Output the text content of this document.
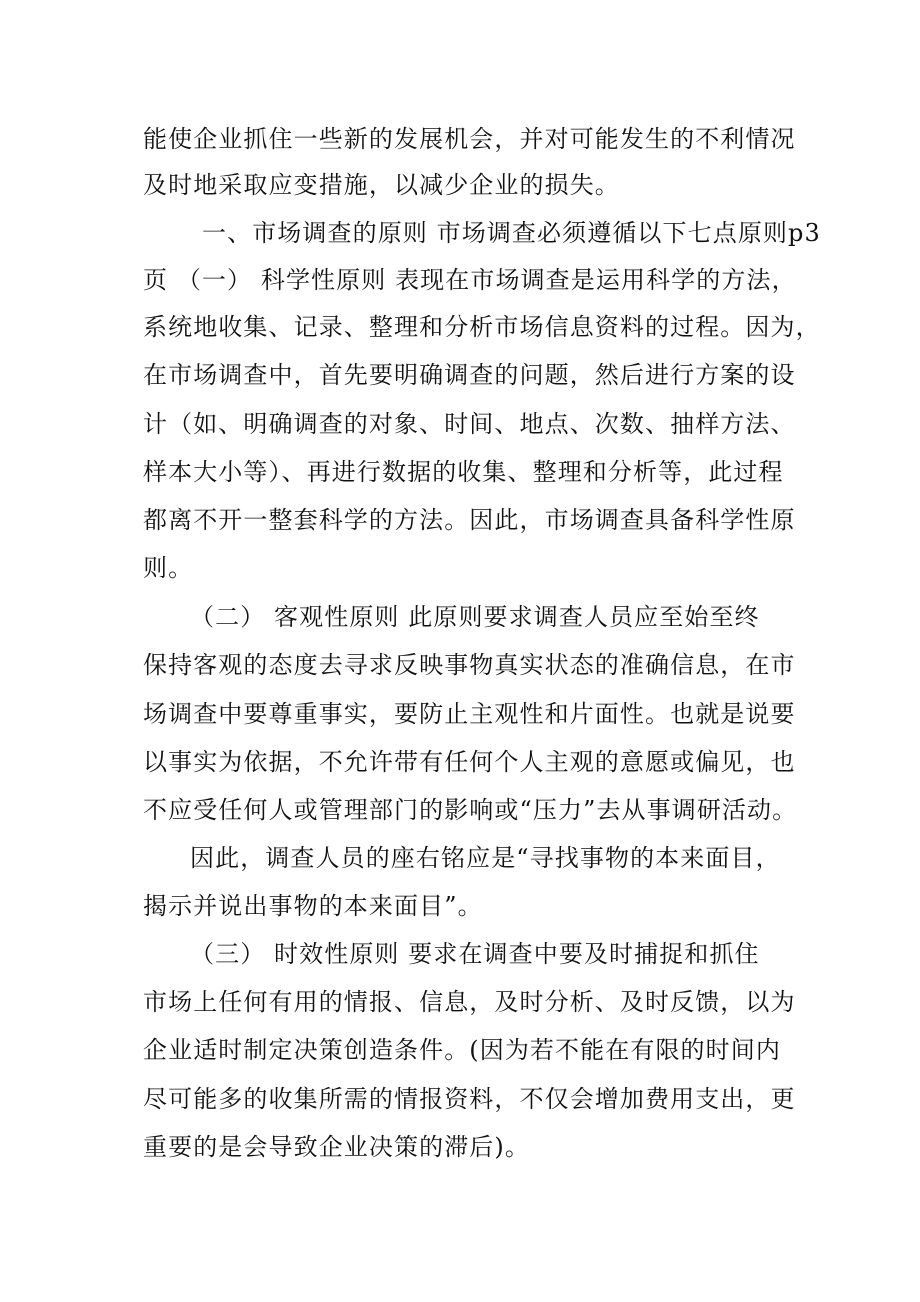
能使企业抓住一些新的发展机会，并对可能发生的不利情况
及时地采取应变措施，以减少企业的损失。
一、市场调查的原则 市场调查必须遵循以下七点原则p3
页 （一） 科学性原则 表现在市场调查是运用科学的方法，
系统地收集、记录、整理和分析市场信息资料的过程。因为，
在市场调查中，首先要明确调查的问题，然后进行方案的设
计（如、明确调查的对象、时间、地点、次数、抽样方法、
样本大小等）、再进行数据的收集、整理和分析等，此过程
都离不开一整套科学的方法。因此，市场调查具备科学性原
则。
（二） 客观性原则 此原则要求调查人员应至始至终
保持客观的态度去寻求反映事物真实状态的准确信息，在市
场调查中要尊重事实，要防止主观性和片面性。也就是说要
以事实为依据，不允许带有任何个人主观的意愿或偏见，也
不应受任何人或管理部门的影响或“压力”去从事调研活动。
因此，调查人员的座右铭应是“寻找事物的本来面目，
揭示并说出事物的本来面目”。
（三） 时效性原则 要求在调查中要及时捕捉和抓住
市场上任何有用的情报、信息，及时分析、及时反馈，以为
企业适时制定决策创造条件。(因为若不能在有限的时间内
尽可能多的收集所需的情报资料，不仅会增加费用支出，更
重要的是会导致企业决策的滞后)。
